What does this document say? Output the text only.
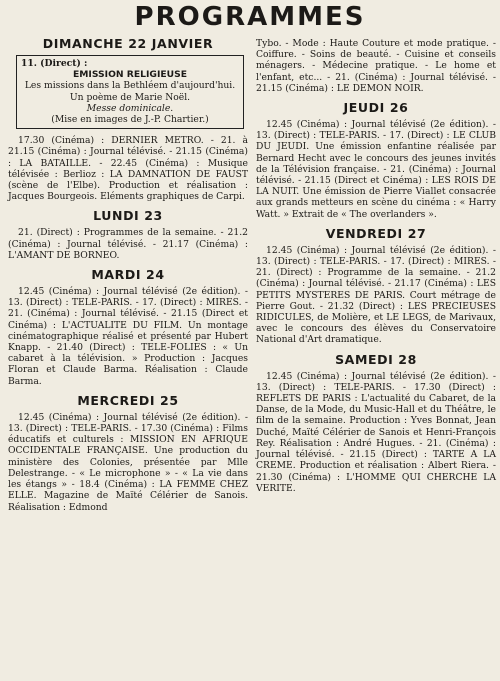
PROGRAMMES
DIMANCHE 22 JANVIER
11. (Direct) :
EMISSION RELIGIEUSE
Les missions dans la Bethléem d'aujourd'hui.
Un poème de Marie Noël.
Messe dominicale.
(Mise en images de J.-P. Chartier.)

17.30 (Cinéma) : DERNIER METRO. - 21. à 21.15 (Cinéma) : Journal télévisé. - 21.15 (Cinéma) : LA BATAILLE. - 22.45 (Cinéma) : Musique télévisée : Berlioz : LA DAMNATION DE FAUST (scène de l'Elbe). Production et réalisation : Jacques Bourgeois. Eléments graphiques de Carpi.

LUNDI 23

21. (Direct) : Programmes de la semaine. - 21.2 (Cinéma) : Journal télévisé. - 21.17 (Cinéma) : L'AMANT DE BORNEO.

MARDI 24

12.45 (Cinéma) : Journal télévisé (2e édition). - 13. (Direct) : TELE-PARIS. - 17. (Direct) : MIRES. - 21. (Cinéma) : Journal télévisé. - 21.15 (Direct et Cinéma) : L'ACTUALITE DU FILM. Un montage cinématographique réalisé et présenté par Hubert Knapp. - 21.40 (Direct) : TELE-FOLIES : « Un cabaret à la télévision. » Production : Jacques Floran et Claude Barma. Réalisation : Claude Barma.

MERCREDI 25

12.45 (Cinéma) : Journal télévisé (2e édition). - 13. (Direct) : TELE-PARIS. - 17.30 (Cinéma) : Films éducatifs et culturels : MISSION EN AFRIQUE OCCIDENTALE FRANÇAISE. Une production du ministère des Colonies, présentée par Mlle Delestrange. - « Le microphone » - « La vie dans les étangs » - 18.4 (Cinéma) : LA FEMME CHEZ ELLE. Magazine de Maïté Célérier de Sanois. Réalisation : Edmond

Tybo. - Mode : Haute Couture et mode pratique. - Coiffure. - Soins de beauté. - Cuisine et conseils ménagers. - Médecine pratique. - Le home et l'enfant, etc... - 21. (Cinéma) : Journal télévisé. - 21.15 (Cinéma) : LE DEMON NOIR.

JEUDI 26

12.45 (Cinéma) : Journal télévisé (2e édition). - 13. (Direct) : TELE-PARIS. - 17. (Direct) : LE CLUB DU JEUDI. Une émission enfantine réalisée par Bernard Hecht avec le concours des jeunes invités de la Télévision française. - 21. (Cinéma) : Journal télévisé. - 21.15 (Direct et Cinéma) : LES ROIS DE LA NUIT. Une émission de Pierre Viallet consacrée aux grands metteurs en scène du cinéma : « Harry Watt. » Extrait de « The overlanders ».

VENDREDI 27

12.45 (Cinéma) : Journal télévisé (2e édition). - 13. (Direct) : TELE-PARIS. - 17. (Direct) : MIRES. - 21. (Direct) : Programme de la semaine. - 21.2 (Cinéma) : Journal télévisé. - 21.17 (Cinéma) : LES PETITS MYSTERES DE PARIS. Court métrage de Pierre Gout. - 21.32 (Direct) : LES PRECIEUSES RIDICULES, de Molière, et LE LEGS, de Marivaux, avec le concours des élèves du Conservatoire National d'Art dramatique.

SAMEDI 28

12.45 (Cinéma) : Journal télévisé (2e édition). - 13. (Direct) : TELE-PARIS. - 17.30 (Direct) : REFLETS DE PARIS : L'actualité du Cabaret, de la Danse, de la Mode, du Music-Hall et du Théâtre, le film de la semaine. Production : Yves Bonnat, Jean Duché, Maïté Célérier de Sanois et Henri-François Rey. Réalisation : André Hugues. - 21. (Cinéma) : Journal télévisé. - 21.15 (Direct) : TARTE A LA CREME. Production et réalisation : Albert Riera. - 21.30 (Cinéma) : L'HOMME QUI CHERCHE LA VERITE.
